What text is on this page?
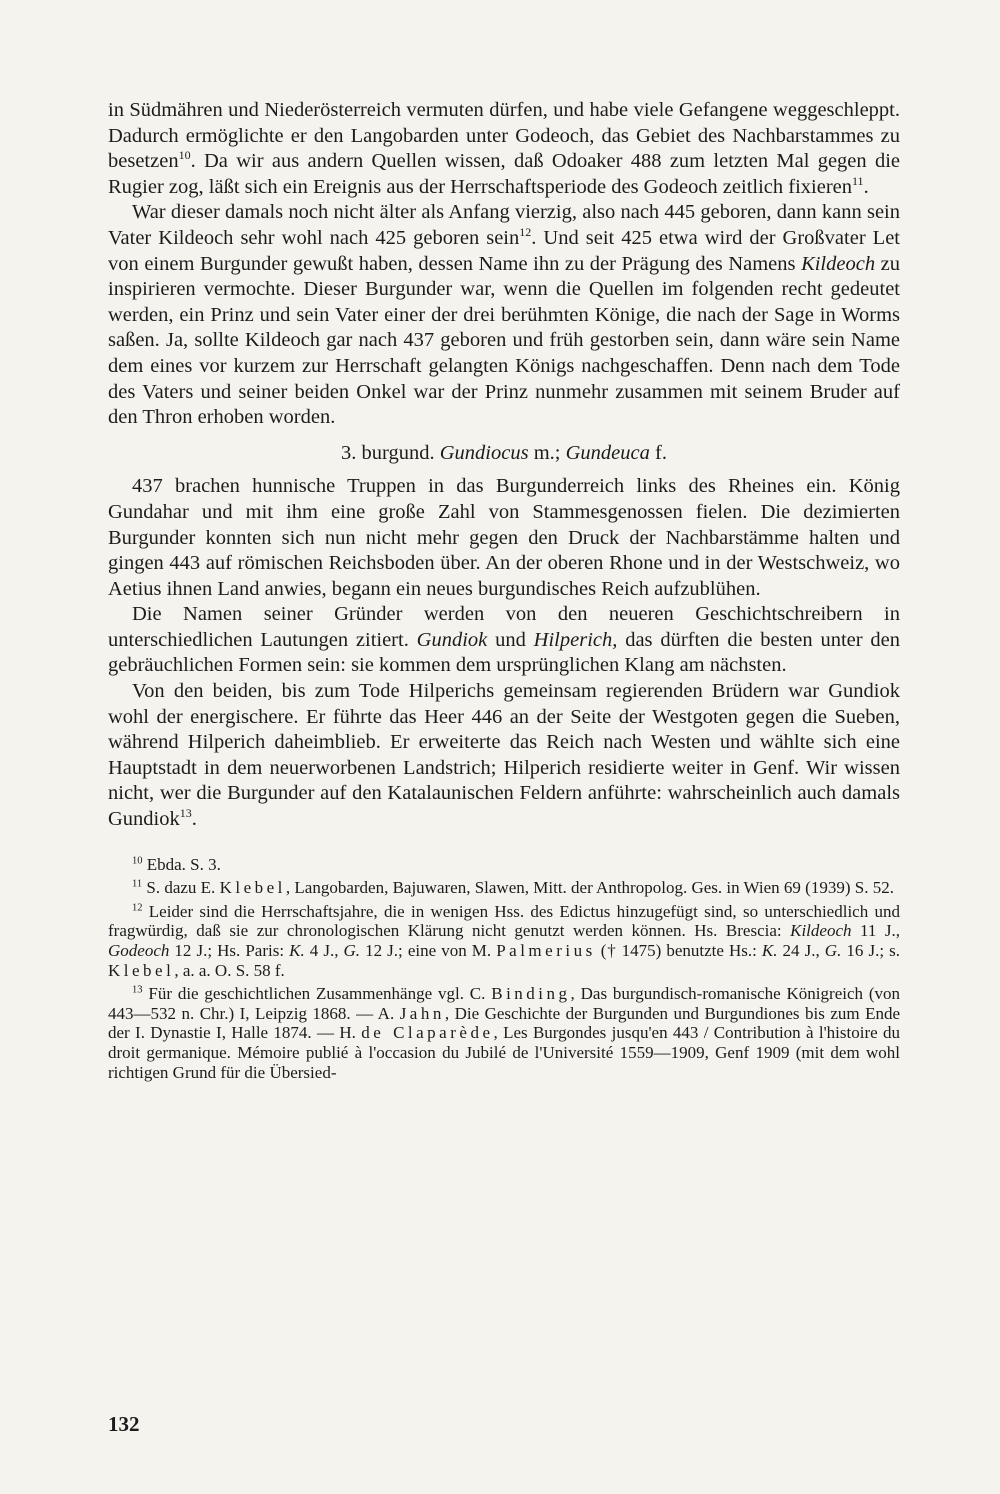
in Südmähren und Niederösterreich vermuten dürfen, und habe viele Gefangene weggeschleppt. Dadurch ermöglichte er den Langobarden unter Godeoch, das Gebiet des Nachbarstammes zu besetzen$^{10}$. Da wir aus andern Quellen wissen, daß Odoaker 488 zum letzten Mal gegen die Rugier zog, läßt sich ein Ereignis aus der Herrschaftsperiode des Godeoch zeitlich fixieren$^{11}$.

War dieser damals noch nicht älter als Anfang vierzig, also nach 445 geboren, dann kann sein Vater Kildeoch sehr wohl nach 425 geboren sein$^{12}$. Und seit 425 etwa wird der Großvater Let von einem Burgunder gewußt haben, dessen Name ihn zu der Prägung des Namens Kildeoch zu inspirieren vermochte. Dieser Burgunder war, wenn die Quellen im folgenden recht gedeutet werden, ein Prinz und sein Vater einer der drei berühmten Könige, die nach der Sage in Worms saßen. Ja, sollte Kildeoch gar nach 437 geboren und früh gestorben sein, dann wäre sein Name dem eines vor kurzem zur Herrschaft gelangten Königs nachgeschaffen. Denn nach dem Tode des Vaters und seiner beiden Onkel war der Prinz nunmehr zusammen mit seinem Bruder auf den Thron erhoben worden.

3. burgund. Gundiocus m.; Gundeuca f.

437 brachen hunnische Truppen in das Burgunderreich links des Rheines ein. König Gundahar und mit ihm eine große Zahl von Stammesgenossen fielen. Die dezimierten Burgunder konnten sich nun nicht mehr gegen den Druck der Nachbarstämme halten und gingen 443 auf römischen Reichsboden über. An der oberen Rhone und in der Westschweiz, wo Aetius ihnen Land anwies, begann ein neues burgundisches Reich aufzublühen.

Die Namen seiner Gründer werden von den neueren Geschichtschreibern in unterschiedlichen Lautungen zitiert. Gundiok und Hilperich, das dürften die besten unter den gebräuchlichen Formen sein: sie kommen dem ursprünglichen Klang am nächsten.

Von den beiden, bis zum Tode Hilperichs gemeinsam regierenden Brüdern war Gundiok wohl der energischere. Er führte das Heer 446 an der Seite der Westgoten gegen die Sueben, während Hilperich daheimblieb. Er erweiterte das Reich nach Westen und wählte sich eine Hauptstadt in dem neuerworbenen Landstrich; Hilperich residierte weiter in Genf. Wir wissen nicht, wer die Burgunder auf den Katalaunischen Feldern anführte: wahrscheinlich auch damals Gundiok$^{13}$.

$^{10}$ Ebda. S. 3.

$^{11}$ S. dazu E. Klebel, Langobarden, Bajuwaren, Slawen, Mitt. der Anthropolog. Ges. in Wien 69 (1939) S. 52.

$^{12}$ Leider sind die Herrschaftsjahre, die in wenigen Hss. des Edictus hinzugefügt sind, so unterschiedlich und fragwürdig, daß sie zur chronologischen Klärung nicht genutzt werden können. Hs. Brescia: Kildeoch 11 J., Godeoch 12 J.; Hs. Paris: K. 4 J., G. 12 J.; eine von M. Palmerius († 1475) benutzte Hs.: K. 24 J., G. 16 J.; s. Klebel, a. a. O. S. 58 f.

$^{13}$ Für die geschichtlichen Zusammenhänge vgl. C. Binding, Das burgundisch-romanische Königreich (von 443—532 n. Chr.) I, Leipzig 1868. — A. Jahn, Die Geschichte der Burgunden und Burgundiones bis zum Ende der I. Dynastie I, Halle 1874. — H. de Claparède, Les Burgondes jusqu'en 443 / Contribution à l'histoire du droit germanique. Mémoire publié à l'occasion du Jubilé de l'Université 1559—1909, Genf 1909 (mit dem wohl richtigen Grund für die Übersied-

132
